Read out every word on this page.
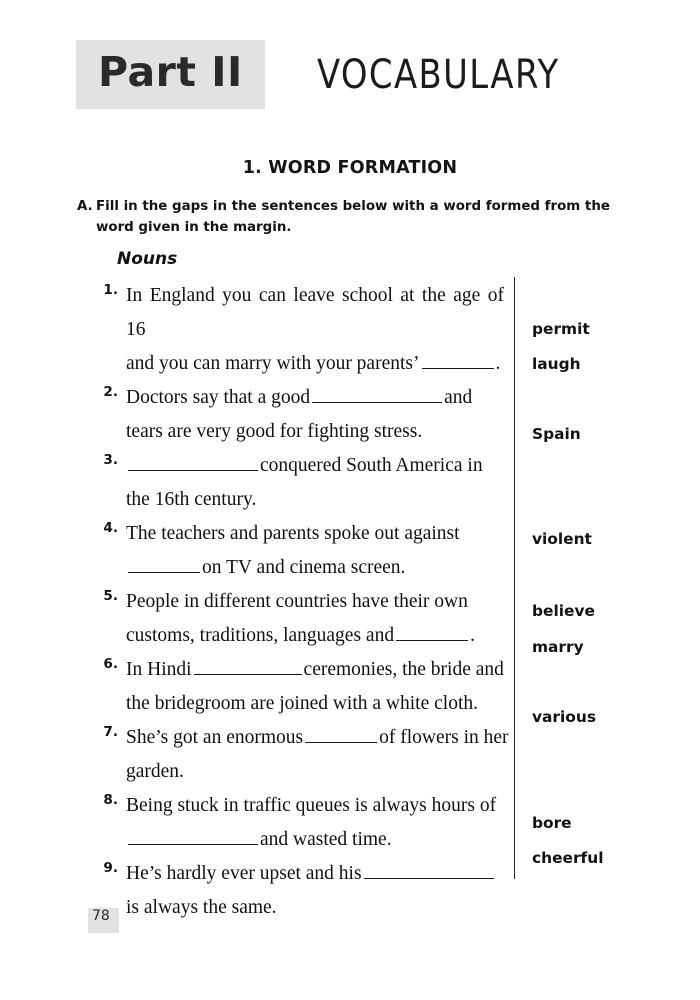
Part II	VOCABULARY
1. WORD FORMATION
A. Fill in the gaps in the sentences below with a word formed from the word given in the margin.
Nouns
1. In England you can leave school at the age of 16
and you can marry with your parents’	.
2. Doctors say that a good	and
tears are very good for fighting stress.
3.	conquered South America in
the 16th century.
4. The teachers and parents spoke out against
on TV and cinema screen.
5. People in different countries have their own
customs, traditions, languages and	.
6. In Hindi	ceremonies, the bride and
the bridegroom are joined with a white cloth.
7. She’s got an enormous	of flowers in her
garden.
8. Being stuck in traffic queues is always hours of
and wasted time.
9. He’s hardly ever upset and his
is always the same.
permit
laugh
Spain
violent
believe
marry
various
bore
cheerful
78
